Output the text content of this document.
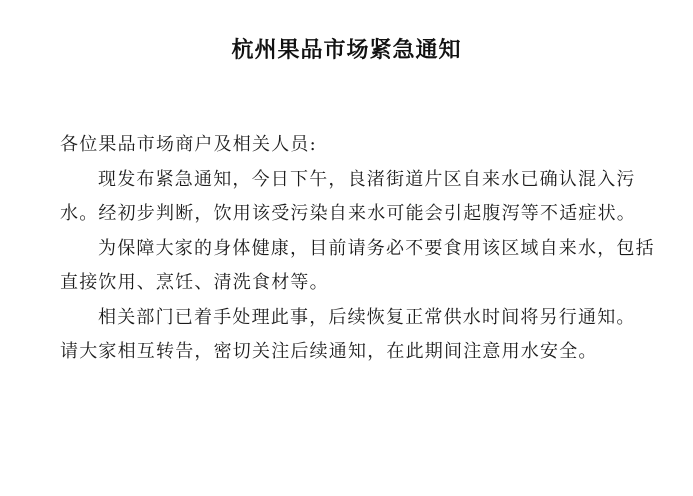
杭州果品市场紧急通知

各位果品市场商户及相关人员:

现发布紧急通知，今日下午，良渚街道片区自来水已确认混入污水。经初步判断，饮用该受污染自来水可能会引起腹泻等不适症状。

为保障大家的身体健康，目前请务必不要食用该区域自来水，包括直接饮用、烹饪、清洗食材等。

相关部门已着手处理此事，后续恢复正常供水时间将另行通知。

请大家相互转告，密切关注后续通知，在此期间注意用水安全。
